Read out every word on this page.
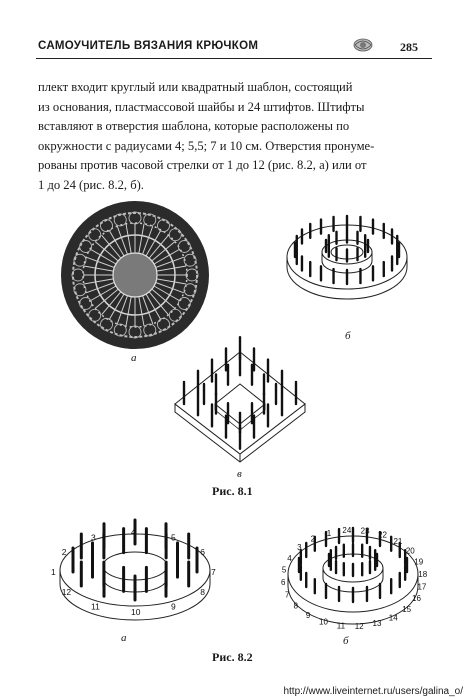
САМОУЧИТЕЛЬ ВЯЗАНИЯ КРЮЧКОМ	285

плект входит круглый или квадратный шаблон, состоящий
из основания, пластмассовой шайбы и 24 штифтов. Штифты
вставляют в отверстия шаблона, которые расположены по
окружности с радиусами 4; 5,5; 7 и 10 см. Отверстия пронуме-
рованы против часовой стрелки от 1 до 12 (рис. 8.2, а) или от
1 до 24 (рис. 8.2, б).

а
б
в
Рис. 8.1
1
2
3
4
5
6
7
8
9
10
11
12
а
1
2
3
4
5
6
7
8
9
10 11 12 13
14
15
16
17
18
19
20
21
22
23
24
б
Рис. 8.2
http://www.liveinternet.ru/users/galina_o/
